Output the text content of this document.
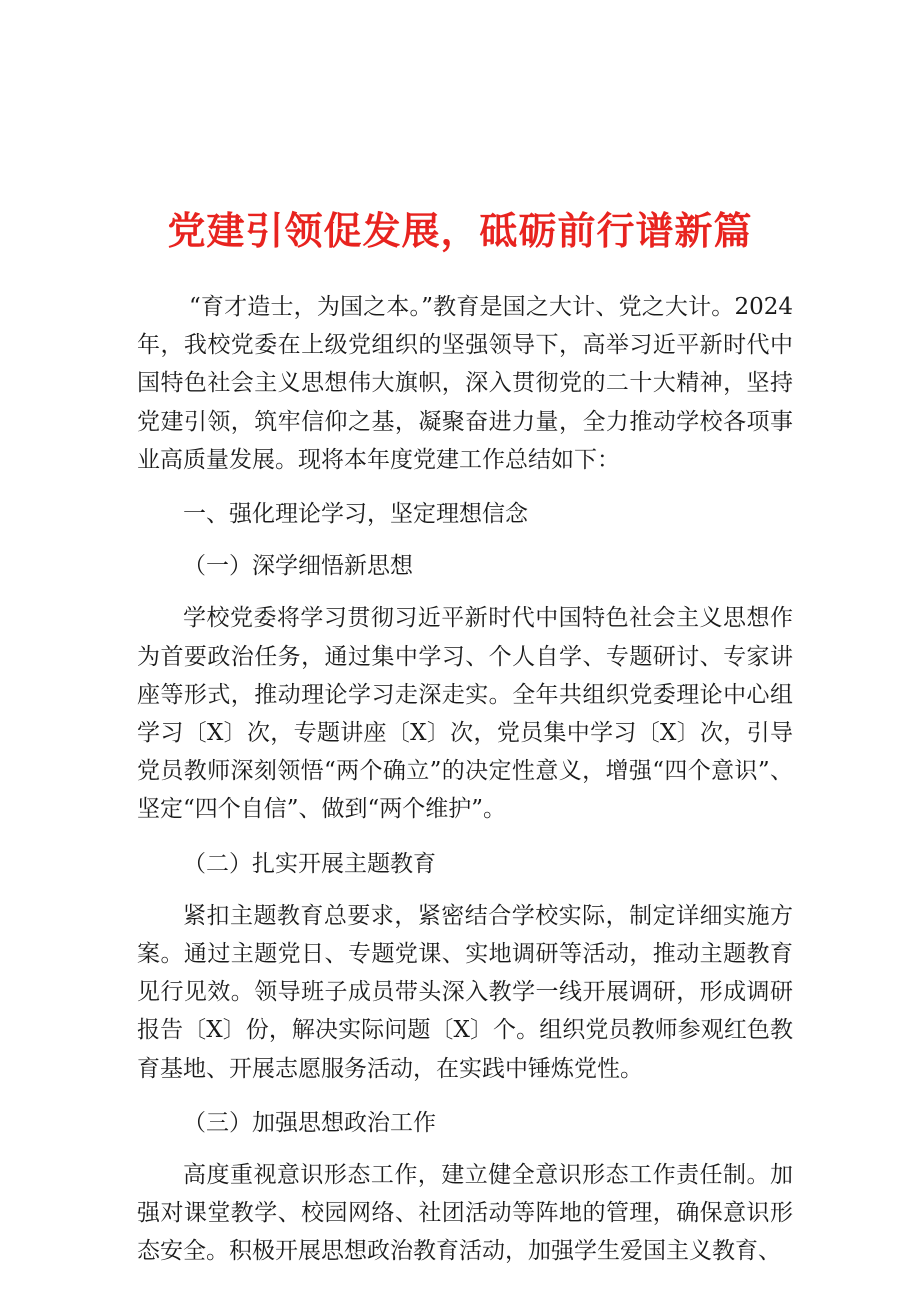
党建引领促发展，砥砺前行谱新篇

“育才造士，为国之本。”教育是国之大计、党之大计。2024年，我校党委在上级党组织的坚强领导下，高举习近平新时代中国特色社会主义思想伟大旗帜，深入贯彻党的二十大精神，坚持党建引领，筑牢信仰之基，凝聚奋进力量，全力推动学校各项事业高质量发展。现将本年度党建工作总结如下：

一、强化理论学习，坚定理想信念

（一）深学细悟新思想

学校党委将学习贯彻习近平新时代中国特色社会主义思想作为首要政治任务，通过集中学习、个人自学、专题研讨、专家讲座等形式，推动理论学习走深走实。全年共组织党委理论中心组学习〔X〕次，专题讲座〔X〕次，党员集中学习〔X〕次，引导党员教师深刻领悟“两个确立”的决定性意义，增强“四个意识”、坚定“四个自信”、做到“两个维护”。

（二）扎实开展主题教育

紧扣主题教育总要求，紧密结合学校实际，制定详细实施方案。通过主题党日、专题党课、实地调研等活动，推动主题教育见行见效。领导班子成员带头深入教学一线开展调研，形成调研报告〔X〕份，解决实际问题〔X〕个。组织党员教师参观红色教育基地、开展志愿服务活动，在实践中锤炼党性。

（三）加强思想政治工作

高度重视意识形态工作，建立健全意识形态工作责任制。加强对课堂教学、校园网络、社团活动等阵地的管理，确保意识形态安全。积极开展思想政治教育活动，加强学生爱国主义教育、
